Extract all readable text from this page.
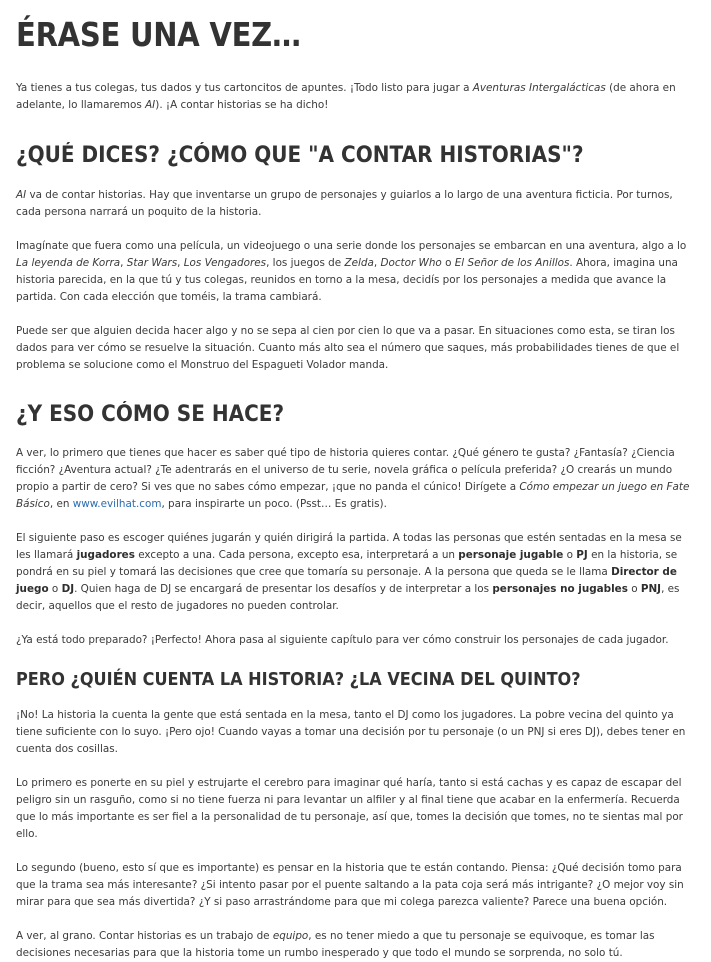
ÉRASE UNA VEZ…

Ya tienes a tus colegas, tus dados y tus cartoncitos de apuntes. ¡Todo listo para jugar a Aventuras Intergalácticas (de ahora en adelante, lo llamaremos AI). ¡A contar historias se ha dicho!

¿QUÉ DICES? ¿CÓMO QUE "A CONTAR HISTORIAS"?

AI va de contar historias. Hay que inventarse un grupo de personajes y guiarlos a lo largo de una aventura ficticia. Por turnos, cada persona narrará un poquito de la historia.

Imagínate que fuera como una película, un videojuego o una serie donde los personajes se embarcan en una aventura, algo a lo La leyenda de Korra, Star Wars, Los Vengadores, los juegos de Zelda, Doctor Who o El Señor de los Anillos. Ahora, imagina una historia parecida, en la que tú y tus colegas, reunidos en torno a la mesa, decidís por los personajes a medida que avance la partida. Con cada elección que toméis, la trama cambiará.

Puede ser que alguien decida hacer algo y no se sepa al cien por cien lo que va a pasar. En situaciones como esta, se tiran los dados para ver cómo se resuelve la situación. Cuanto más alto sea el número que saques, más probabilidades tienes de que el problema se solucione como el Monstruo del Espagueti Volador manda.

¿Y ESO CÓMO SE HACE?

A ver, lo primero que tienes que hacer es saber qué tipo de historia quieres contar. ¿Qué género te gusta? ¿Fantasía? ¿Ciencia ficción? ¿Aventura actual? ¿Te adentrarás en el universo de tu serie, novela gráfica o película preferida? ¿O crearás un mundo propio a partir de cero? Si ves que no sabes cómo empezar, ¡que no panda el cúnico! Dirígete a Cómo empezar un juego en Fate Básico, en www.evilhat.com, para inspirarte un poco. (Psst… Es gratis).

El siguiente paso es escoger quiénes jugarán y quién dirigirá la partida. A todas las personas que estén sentadas en la mesa se les llamará jugadores excepto a una. Cada persona, excepto esa, interpretará a un personaje jugable o PJ en la historia, se pondrá en su piel y tomará las decisiones que cree que tomaría su personaje. A la persona que queda se le llama Director de juego o DJ. Quien haga de DJ se encargará de presentar los desafíos y de interpretar a los personajes no jugables o PNJ, es decir, aquellos que el resto de jugadores no pueden controlar.

¿Ya está todo preparado? ¡Perfecto! Ahora pasa al siguiente capítulo para ver cómo construir los personajes de cada jugador.

PERO ¿QUIÉN CUENTA LA HISTORIA? ¿LA VECINA DEL QUINTO?

¡No! La historia la cuenta la gente que está sentada en la mesa, tanto el DJ como los jugadores. La pobre vecina del quinto ya tiene suficiente con lo suyo. ¡Pero ojo! Cuando vayas a tomar una decisión por tu personaje (o un PNJ si eres DJ), debes tener en cuenta dos cosillas.

Lo primero es ponerte en su piel y estrujarte el cerebro para imaginar qué haría, tanto si está cachas y es capaz de escapar del peligro sin un rasguño, como si no tiene fuerza ni para levantar un alfiler y al final tiene que acabar en la enfermería. Recuerda que lo más importante es ser fiel a la personalidad de tu personaje, así que, tomes la decisión que tomes, no te sientas mal por ello.

Lo segundo (bueno, esto sí que es importante) es pensar en la historia que te están contando. Piensa: ¿Qué decisión tomo para que la trama sea más interesante? ¿Si intento pasar por el puente saltando a la pata coja será más intrigante? ¿O mejor voy sin mirar para que sea más divertida? ¿Y si paso arrastrándome para que mi colega parezca valiente? Parece una buena opción.

A ver, al grano. Contar historias es un trabajo de equipo, es no tener miedo a que tu personaje se equivoque, es tomar las decisiones necesarias para que la historia tome un rumbo inesperado y que todo el mundo se sorprenda, no solo tú.
